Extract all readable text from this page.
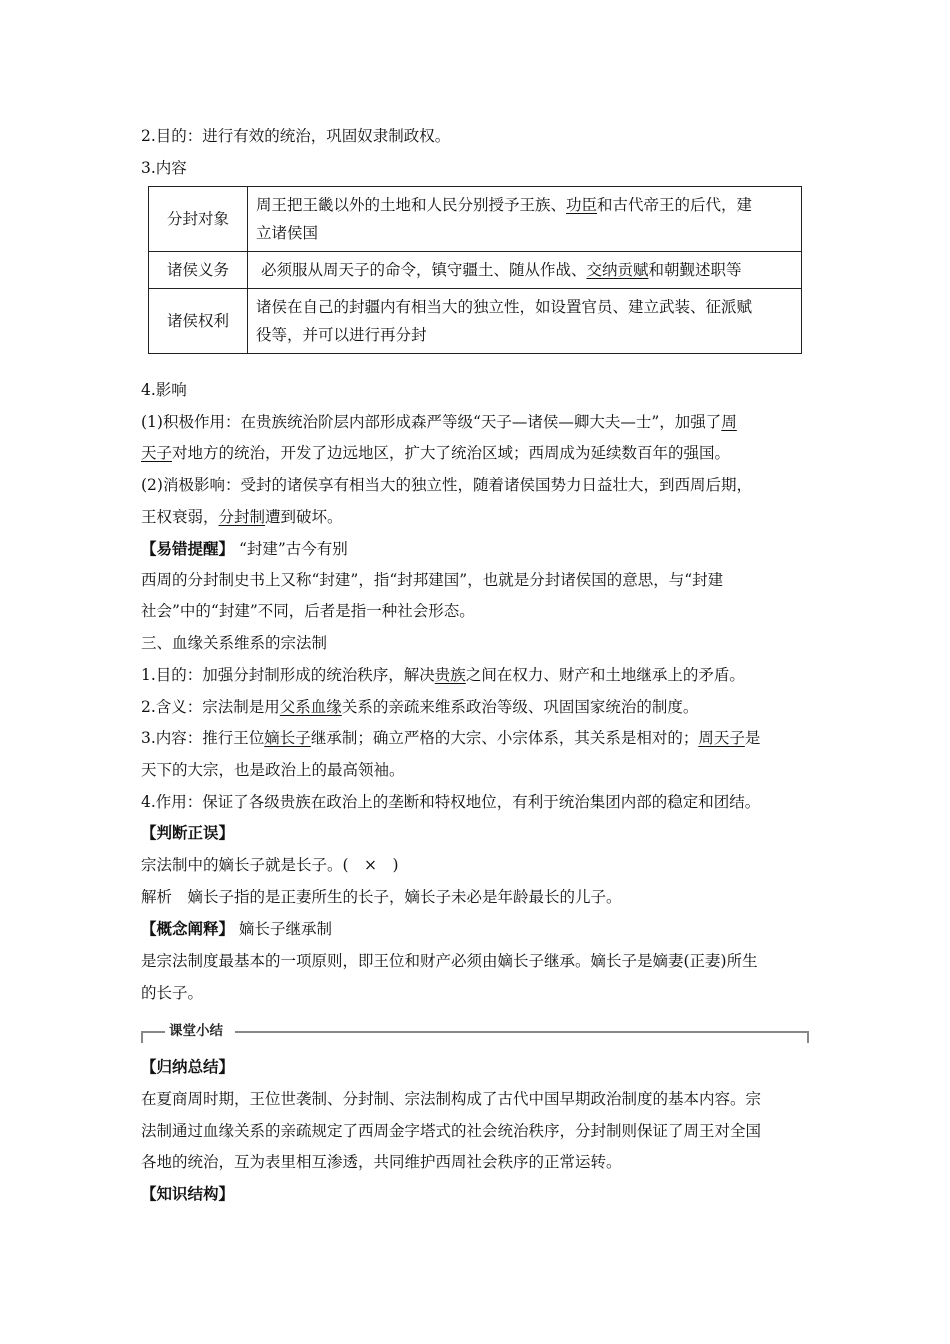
2.目的：进行有效的统治，巩固奴隶制政权。
3.内容
分封对象	周王把王畿以外的土地和人民分别授予王族、功臣和古代帝王的后代，建
立诸侯国
诸侯义务	必须服从周天子的命令，镇守疆土、随从作战、交纳贡赋和朝觐述职等
诸侯权利	诸侯在自己的封疆内有相当大的独立性，如设置官员、建立武装、征派赋
役等，并可以进行再分封
4.影响
(1)积极作用：在贵族统治阶层内部形成森严等级“天子—诸侯—卿大夫—士”，加强了周
天子对地方的统治，开发了边远地区，扩大了统治区域；西周成为延续数百年的强国。
(2)消极影响：受封的诸侯享有相当大的独立性，随着诸侯国势力日益壮大，到西周后期，
王权衰弱，分封制遭到破坏。
【易错提醒】 “封建”古今有别
西周的分封制史书上又称“封建”，指“封邦建国”，也就是分封诸侯国的意思，与“封建
社会”中的“封建”不同，后者是指一种社会形态。
三、血缘关系维系的宗法制
1.目的：加强分封制形成的统治秩序，解决贵族之间在权力、财产和土地继承上的矛盾。
2.含义：宗法制是用父系血缘关系的亲疏来维系政治等级、巩固国家统治的制度。
3.内容：推行王位嫡长子继承制；确立严格的大宗、小宗体系，其关系是相对的；周天子是
天下的大宗，也是政治上的最高领袖。
4.作用：保证了各级贵族在政治上的垄断和特权地位，有利于统治集团内部的稳定和团结。
【判断正误】
宗法制中的嫡长子就是长子。(　×　)
解析　嫡长子指的是正妻所生的长子，嫡长子未必是年龄最长的儿子。
【概念阐释】 嫡长子继承制
是宗法制度最基本的一项原则，即王位和财产必须由嫡长子继承。嫡长子是嫡妻(正妻)所生
的长子。
课堂小结
【归纳总结】
在夏商周时期，王位世袭制、分封制、宗法制构成了古代中国早期政治制度的基本内容。宗
法制通过血缘关系的亲疏规定了西周金字塔式的社会统治秩序，分封制则保证了周王对全国
各地的统治，互为表里相互渗透，共同维护西周社会秩序的正常运转。
【知识结构】
